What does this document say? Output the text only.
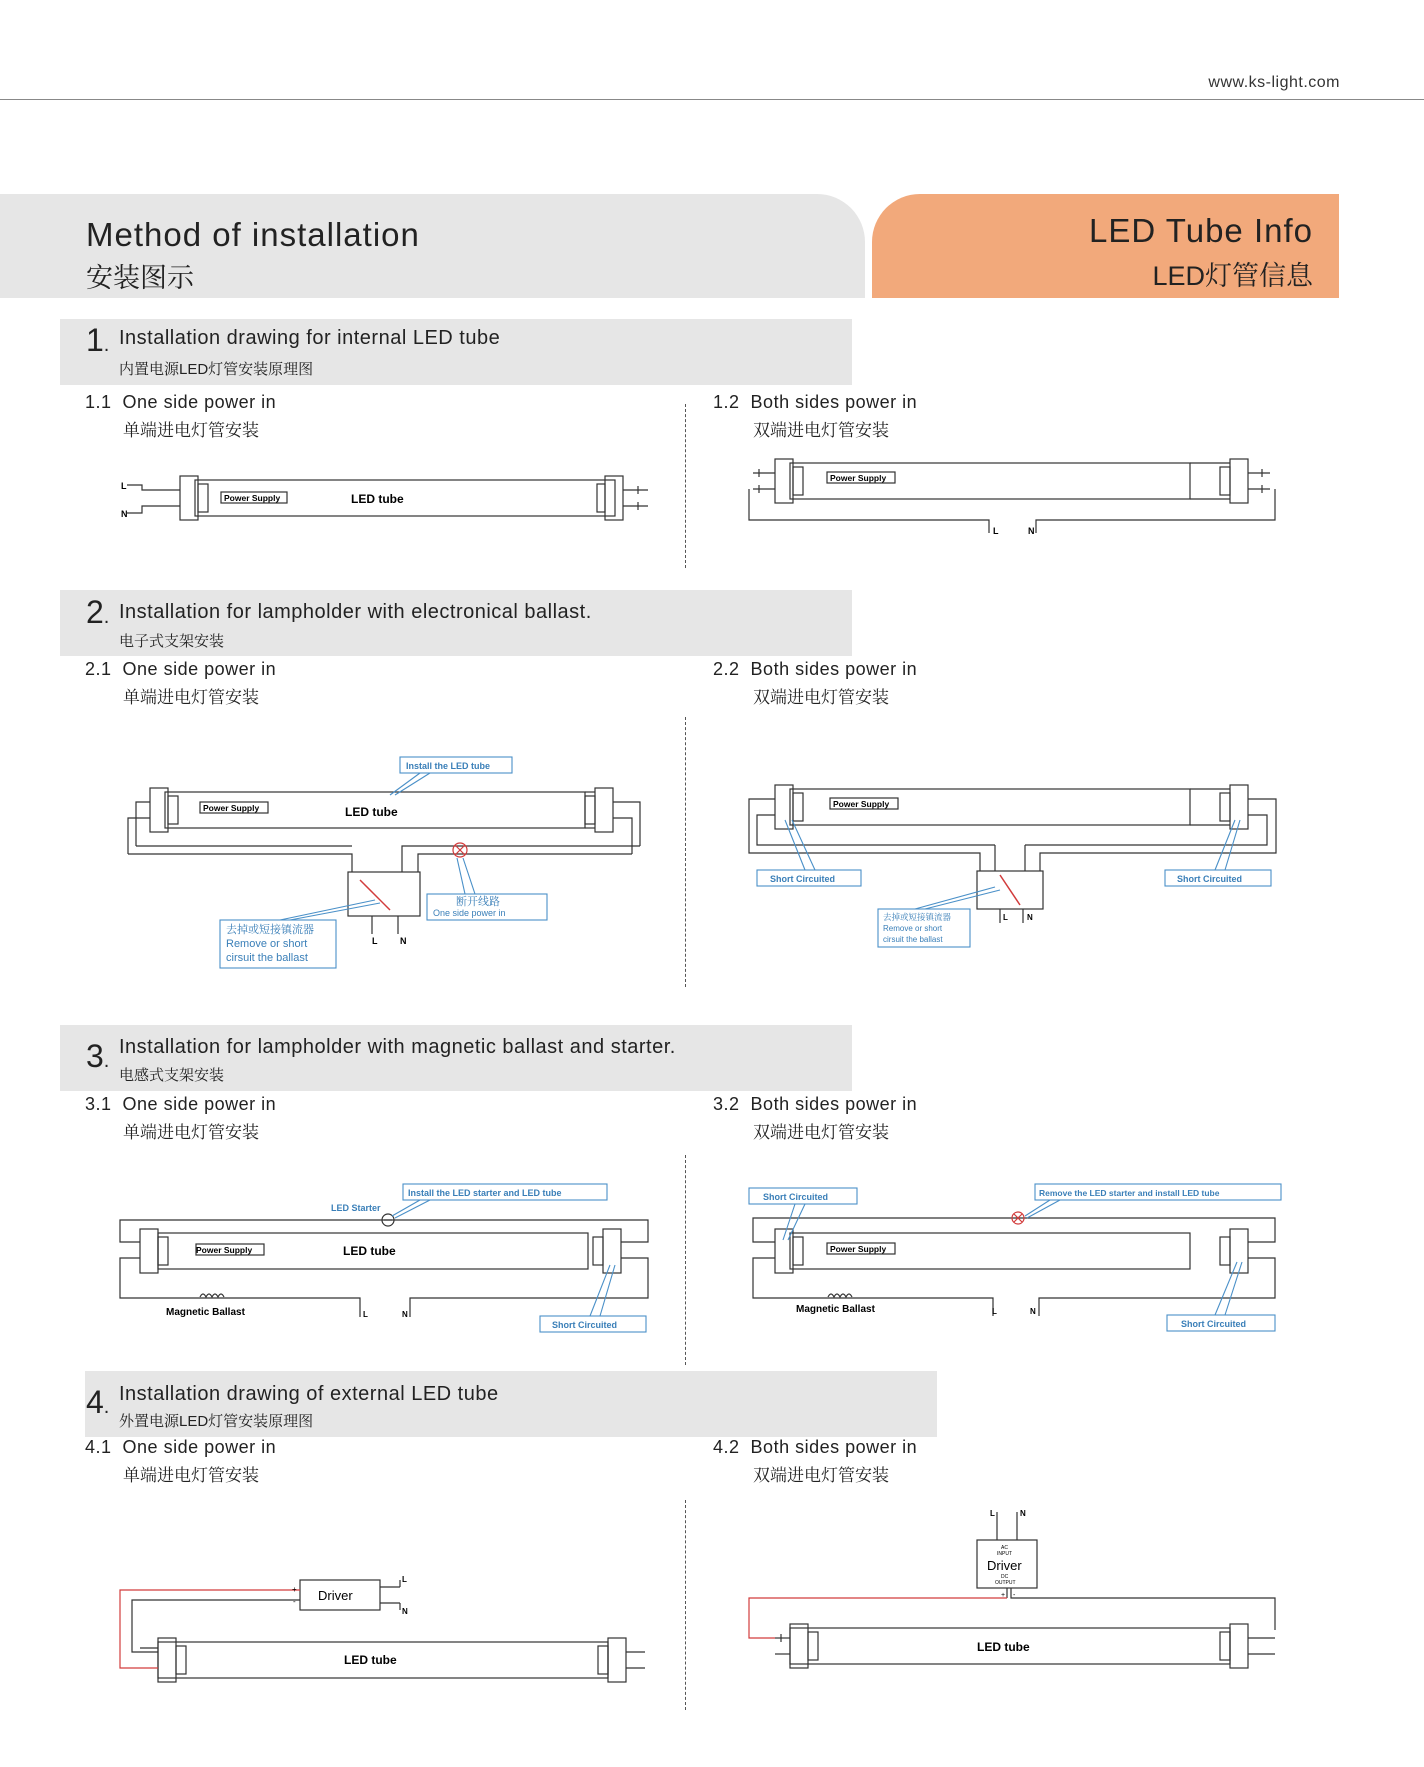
www.ks-light.com
Method of installation
安装图示
LED Tube Info
LED灯管信息
1. Installation drawing for internal LED tube
内置电源LED灯管安装原理图
1.1 One side power in
单端进电灯管安装
1.2 Both sides power in
双端进电灯管安装
L
N
Power Supply	LED tube
Power Supply
L	N
2. Installation for lampholder with electronical ballast.
电子式支架安装
2.1 One side power in
单端进电灯管安装
2.2 Both sides power in
双端进电灯管安装
L	N
Power Supply	LED tube
Install the LED tube
断开线路
One side power in
去掉或短接镇流器
Remove or short
cirsuit the ballast
L N
Power Supply
Short Circuited	Short Circuited
去掉或短接镇流器
Remove or short
cirsuit the ballast
3.
Installation for lampholder with magnetic ballast and starter.
电感式支架安装
3.1 One side power in
单端进电灯管安装
3.2 Both sides power in
双端进电灯管安装
Power Supply	LED tube
Magnetic Ballast	L	N
LED Starter
Install the LED starter and LED tube
Short Circuited
Power Supply
Magnetic Ballast	L	N
Short Circuited	Remove the LED starter and install LED tube
Short Circuited
4.
Installation drawing of external LED tube
外置电源LED灯管安装原理图
4.1 One side power in
单端进电灯管安装
4.2 Both sides power in
双端进电灯管安装
Driver
+
-
L
N
LED tube
L	N
AC
INPUT
Driver
DC
OUTPUT
+ -
LED tube
